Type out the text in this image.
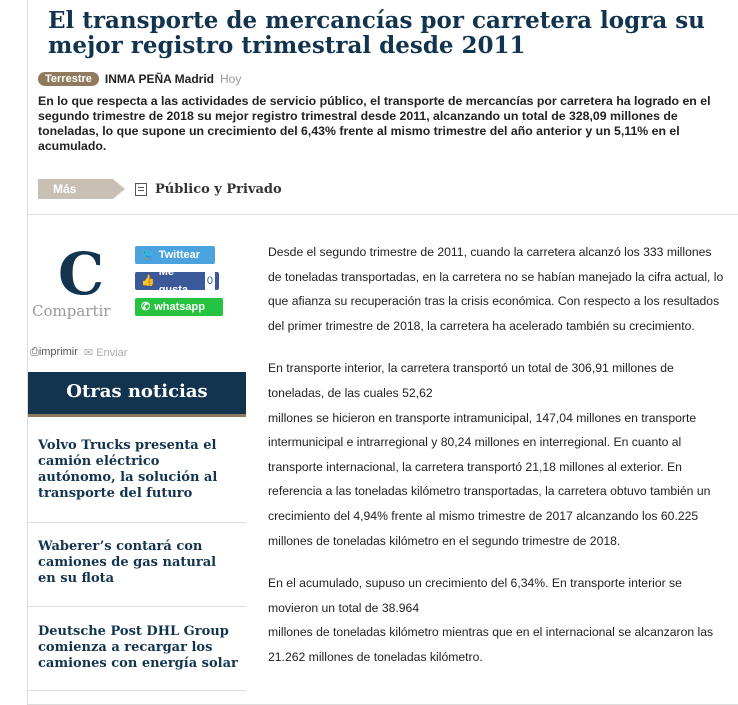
El transporte de mercancías por carretera logra su mejor registro trimestral desde 2011
Terrestre	INMA PEÑA Madrid Hoy

En lo que respecta a las actividades de servicio público, el transporte de mercancías por carretera ha logrado en el segundo trimestre de 2018 su mejor registro trimestral desde 2011, alcanzando un total de 328,09 millones de toneladas, lo que supone un crecimiento del 6,43% frente al mismo trimestre del año anterior y un 5,11% en el acumulado.

Más	Público y Privado
C
Compartir
🐦 Twittear
👍
Me gusta
0
✆ whatsapp
⎙imprimir ✉ Enviar
Otras noticias
Volvo Trucks presenta el camión eléctrico autónomo, la solución al transporte del futuro
Waberer’s contará con camiones de gas natural en su flota
Deutsche Post DHL Group comienza a recargar los camiones con energía solar

Desde el segundo trimestre de 2011, cuando la carretera alcanzó los 333 millones de toneladas transportadas, en la carretera no se habían manejado la cifra actual, lo que afianza su recuperación tras la crisis económica. Con respecto a los resultados del primer trimestre de 2018, la carretera ha acelerado también su crecimiento.

En transporte interior, la carretera transportó un total de 306,91 millones de toneladas, de las cuales 52,62
millones se hicieron en transporte intramunicipal, 147,04 millones en transporte intermunicipal e intrarregional y 80,24 millones en interregional. En cuanto al transporte internacional, la carretera transportó 21,18 millones al exterior. En referencia a las toneladas kilómetro transportadas, la carretera obtuvo también un crecimiento del 4,94% frente al mismo trimestre de 2017 alcanzando los 60.225 millones de toneladas kilómetro en el segundo trimestre de 2018.
En el acumulado, supuso un crecimiento del 6,34%. En transporte interior se movieron un total de 38.964
millones de toneladas kilómetro mientras que en el internacional se alcanzaron las 21.262 millones de toneladas kilómetro.
